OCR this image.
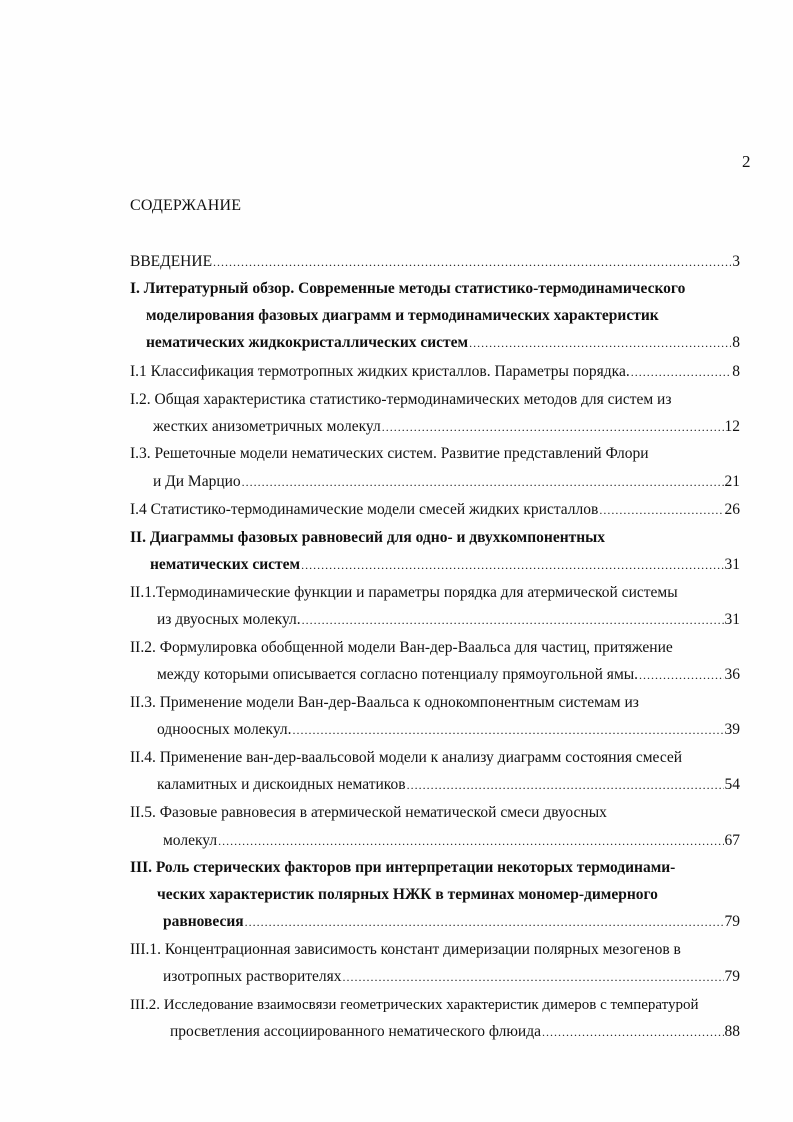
2
СОДЕРЖАНИЕ
ВВЕДЕНИЕ .....	3
I. Литературный обзор. Современные методы статистико-термодинамического
моделирования фазовых диаграмм и термодинамических характеристик
нематических жидкокристаллических систем .....	8
I.1 Классификация термотропных жидких кристаллов. Параметры порядка. .....	8
I.2. Общая характеристика статистико-термодинамических методов для систем из
жестких анизометричных молекул .....	12
I.3. Решеточные модели нематических систем. Развитие представлений Флори
и Ди Марцио .....	21
I.4 Статистико-термодинамические модели смесей жидких кристаллов .....	26
II. Диаграммы фазовых равновесий для одно- и двухкомпонентных
нематических систем .....	31
II.1.Термодинамические функции и параметры порядка для атермической системы
из двуосных молекул. .....	31
II.2. Формулировка обобщенной модели Ван-дер-Ваальса для частиц, притяжение
между которыми описывается согласно потенциалу прямоугольной ямы. .....	36
II.3. Применение модели Ван-дер-Ваальса к однокомпонентным системам из
одноосных молекул. .....	39
II.4. Применение ван-дер-ваальсовой модели к анализу диаграмм состояния смесей
каламитных и дискоидных нематиков .....	54
II.5. Фазовые равновесия в атермической нематической смеси двуосных
молекул .....	67
III. Роль стерических факторов при интерпретации некоторых термодинами-
ческих характеристик полярных НЖК в терминах мономер-димерного
равновесия .....	79
III.1. Концентрационная зависимость констант димеризации полярных мезогенов в
изотропных растворителях .....	79
III.2. Исследование взаимосвязи геометрических характеристик димеров с температурой
просветления ассоциированного нематического флюида .....	88
